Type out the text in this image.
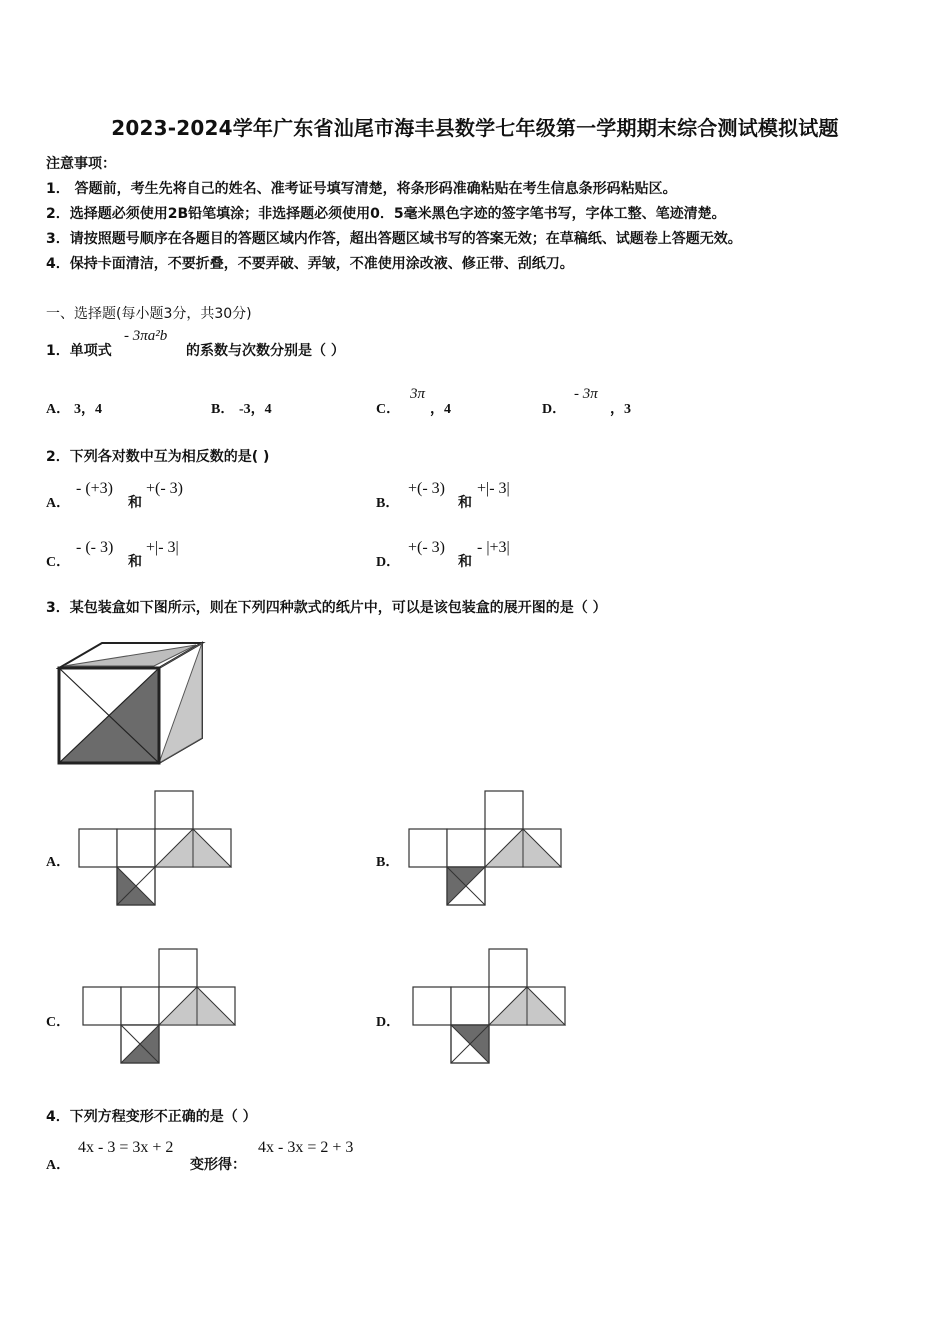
2023-2024学年广东省汕尾市海丰县数学七年级第一学期期末综合测试模拟试题
注意事项：
1． 答题前，考生先将自己的姓名、准考证号填写清楚，将条形码准确粘贴在考生信息条形码粘贴区。
2．选择题必须使用2B铅笔填涂；非选择题必须使用0．5毫米黑色字迹的签字笔书写，字体工整、笔迹清楚。
3．请按照题号顺序在各题目的答题区域内作答，超出答题区域书写的答案无效；在草稿纸、试题卷上答题无效。
4．保持卡面清洁，不要折叠，不要弄破、弄皱，不准使用涂改液、修正带、刮纸刀。
一、选择题(每小题3分，共30分)
1．单项式
- 3πa²b
的系数与次数分别是（ ）
A． 3，4	B． -3，4	C．
3π
，4	D．
- 3π
，3
2．下列各对数中互为相反数的是( )
A．
- (+3)
和
+(- 3)
B．
+(- 3)
和
+|- 3|
C．
- (- 3)
和
+|- 3|
D．
+(- 3)
和
- |+3|
3．某包装盒如下图所示，则在下列四种款式的纸片中，可以是该包装盒的展开图的是（ ）
A．	B．
C．	D．
4．下列方程变形不正确的是（ ）
A．
4x - 3 = 3x + 2
变形得：
4x - 3x = 2 + 3
